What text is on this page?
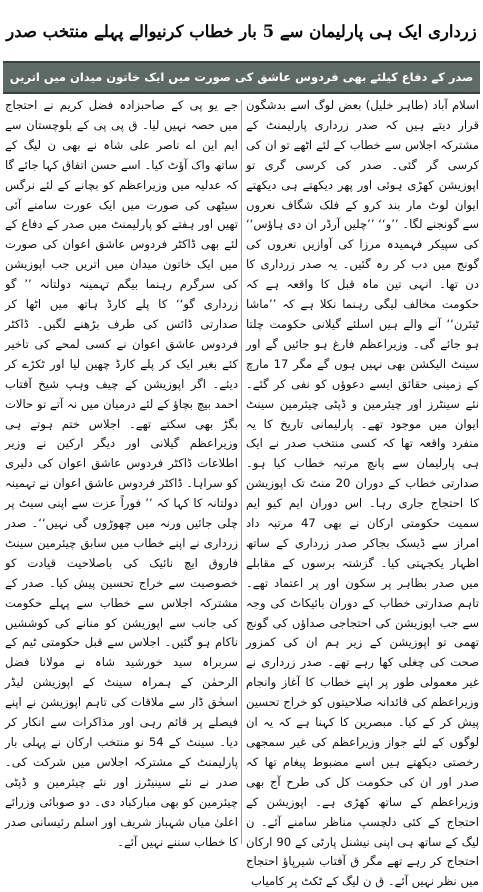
زرداری ایک ہی پارلیمان سے 5 بار خطاب کرنیوالے پہلے منتخب صدر
صدر کے دفاع کیلئے بھی فردوس عاشق کی صورت میں ایک خاتون میدان میں اتریں

اسلام آباد (طاہر خلیل) بعض لوگ اسے بدشگون قرار دیتے ہیں کہ صدر زرداری پارلیمنٹ کے مشترکہ اجلاس سے خطاب کے لئے اٹھے تو ان کی کرسی گر گئی۔ صدر کی کرسی گری تو اپوزیشن کھڑی ہوئی اور پھر دیکھتے ہی دیکھتے ایوان لوٹ مار بند کرو کے فلک شگاف نعروں سے گونجنے لگا۔ ’’و‘‘ ’’چلیں آرڈر ان دی ہاؤس‘‘ کی سپیکر فہمیدہ مرزا کی آوازیں نعروں کی گونج میں دب کر رہ گئیں۔ یہ صدر زرداری کا دن تھا۔ انہی تین ماہ قبل کا واقعہ ہے کہ حکومت مخالف لیگی رہنما نکلا ہے کہ ’’ماشا ٹیئرن‘‘ آنے والے ہیں اسلئے گیلانی حکومت چلتا ہو جائے گی۔ وزیراعظم فارغ ہو جائیں گے اور سینٹ الیکشن بھی نہیں ہوں گے مگر 17 مارچ کے زمینی حقائق ایسے دعوؤں کو نفی کر گئے۔ نئے سینٹرز اور چیئرمین و ڈپٹی چیئرمین سینٹ ایوان میں موجود تھے۔ پارلیمانی تاریخ کا یہ منفرد واقعہ تھا کہ کسی منتخب صدر نے ایک ہی پارلیمان سے پانچ مرتبہ خطاب کیا ہو۔ صدارتی خطاب کے دوران 20 منٹ تک اپوزیشن کا احتجاج جاری رہا۔ اس دوران ایم کیو ایم سمیت حکومتی ارکان نے بھی 47 مرتبہ داد امراز سے ڈیسک بجاکر صدر زرداری کے ساتھ اظہار یکجہتی کیا۔ گزشتہ برسوں کے مقابلے میں صدر بظاہر پر سکون اور پر اعتماد تھے۔ تاہم صدارتی خطاب کے دوران بائیکاٹ کی وجہ سے جب اپوزیشن کی احتجاجی صداؤں کی گونج تھمی تو اپوزیشن کے زیر ہم ان کی کمزور صحت کی چغلی کھا رہے تھے۔ صدر زرداری نے غیر معمولی طور پر اپنے خطاب کا آغاز وانجام وزیراعظم کی قائدانہ صلاحیتوں کو خراج تحسین پیش کر کے کیا۔ مبصرین کا کہنا ہے کہ یہ ان لوگوں کے لئے جواز وزیراعظم کی غیر سمجھی رخصتی دیکھتے ہیں اسے مضبوط پیغام تھا کہ صدر اور ان کی حکومت کل کی طرح آج بھی وزیراعظم کے ساتھ کھڑی ہے۔ اپوزیشن کے احتجاج کے کئی دلچسپ مناظر سامنے آئے۔ ن لیگ کے ساتھ ہی اپنی نیشنل پارٹی کے 90 ارکان احتجاج کر رہے تھے مگر ق آفتاب شیرپاؤ احتجاج میں نظر نہیں آئے۔ ق ن لیگ کے ٹکٹ پر کامیاب

جے یو پی کے صاحبزادہ فضل کریم نے احتجاج میں حصہ نہیں لیا۔ ق پی پی کے بلوچستان سے ایم این اے ناصر علی شاہ نے بھی ن لیگ کے ساتھ واک آؤٹ کیا۔ اسے حسن اتفاق کہا جائے گا کہ عدلیہ میں وزیراعظم کو بچانے کے لئے نرگس سیٹھی کی صورت میں ایک عورت سامنے آئی تھیں اور ہفتے کو پارلیمنٹ میں صدر کے دفاع کے لئے بھی ڈاکٹر فردوس عاشق اعوان کی صورت میں ایک خاتون میدان میں اتریں جب اپوزیشن کی سرگرم رہنما بیگم تہمینہ دولتانہ ’’ گو زرداری گو‘‘ کا پلے کارڈ ہاتھ میں اٹھا کر صدارتی ڈائس کی طرف بڑھنے لگیں۔ ڈاکٹر فردوس عاشق اعوان نے کسی لمحے کی تاخیر کئے بغیر ایک کر پلے کارڈ چھین لیا اور ٹکڑے کر دیئے۔ اگر اپوزیشن کے چیف وہپ شیخ آفتاب احمد بیچ بچاؤ کے لئے درمیان میں نہ آتے تو حالات بگڑ بھی سکتے تھے۔ اجلاس ختم ہوتے ہی وزیراعظم گیلانی اور دیگر ارکین نے وزیر اطلاعات ڈاکٹر فردوس عاشق اعوان کی دلیری کو سراہا۔ ڈاکٹر فردوس عاشق اعوان نے تہمینہ دولتانہ کا کہا کہ ’’ فوراً عزت سے اپنی سیٹ پر چلی جائیں ورنہ میں چھوڑوں گی نہیں‘‘۔ صدر زرداری نے اپنے خطاب میں سابق چیئرمین سینٹ فاروق ایچ نائیک کی باصلاحیت قیادت کو خصوصیت سے خراج تحسین پیش کیا۔ صدر کے مشترکہ اجلاس سے خطاب سے پہلے حکومت کی جانب سے اپوزیشن کو منانے کی کوششیں ناکام ہو گئیں۔ اجلاس سے قبل حکومتی ٹیم کے سربراہ سید خورشید شاہ نے مولانا فضل الرحمٰن کے ہمراہ سینٹ کے اپوزیشن لیڈر اسحٰق ڈار سے ملاقات کی تاہم اپوزیشن نے اپنے فیصلے پر قائم رہی اور مذاکرات سے انکار کر دیا۔ سینٹ کے 54 نو منتخب ارکان نے پہلی بار پارلیمنٹ کے مشترکہ اجلاس میں شرکت کی۔ صدر نے نئے سینیٹرز اور نئے چیئرمین و ڈپٹی چیئرمین کو بھی مبارکباد دی۔ دو صوبائی وزرائے اعلیٰ میاں شہباز شریف اور اسلم رئیسانی صدر کا خطاب سننے نہیں آئے۔
